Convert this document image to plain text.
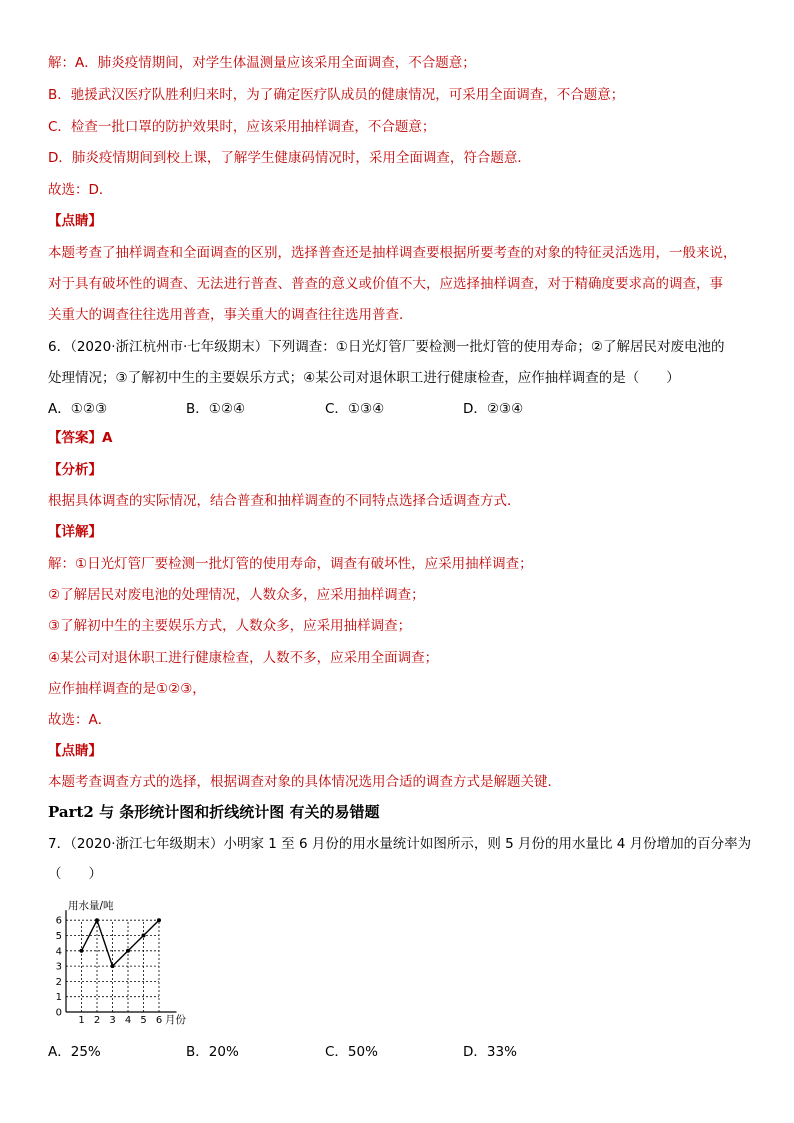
解：A．肺炎疫情期间，对学生体温测量应该采用全面调查，不合题意；
B．驰援武汉医疗队胜利归来时，为了确定医疗队成员的健康情况，可采用全面调查，不合题意；
C．检查一批口罩的防护效果时，应该采用抽样调查，不合题意；
D．肺炎疫情期间到校上课，了解学生健康码情况时，采用全面调查，符合题意．
故选：D．
【点睛】
本题考查了抽样调查和全面调查的区别，选择普查还是抽样调查要根据所要考查的对象的特征灵活选用，一般来说，
对于具有破坏性的调查、无法进行普查、普查的意义或价值不大，应选择抽样调查，对于精确度要求高的调查，事
关重大的调查往往选用普查，事关重大的调查往往选用普查．
6．（2020·浙江杭州市·七年级期末）下列调查：①日光灯管厂要检测一批灯管的使用寿命；②了解居民对废电池的
处理情况；③了解初中生的主要娱乐方式；④某公司对退休职工进行健康检查，应作抽样调查的是（　　）
A．①②③	B．①②④	C．①③④	D．②③④
【答案】A
【分析】
根据具体调查的实际情况，结合普查和抽样调查的不同特点选择合适调查方式．
【详解】
解：①日光灯管厂要检测一批灯管的使用寿命，调查有破坏性，应采用抽样调查；
②了解居民对废电池的处理情况，人数众多，应采用抽样调查；
③了解初中生的主要娱乐方式，人数众多，应采用抽样调查；
④某公司对退休职工进行健康检查，人数不多，应采用全面调查；
应作抽样调查的是①②③，
故选：A．
【点睛】
本题考查调查方式的选择，根据调查对象的具体情况选用合适的调查方式是解题关键．
Part2 与 条形统计图和折线统计图 有关的易错题
7．（2020·浙江七年级期末）小明家 1 至 6 月份的用水量统计如图所示，则 5 月份的用水量比 4 月份增加的百分率为
（　　）
1 2 3 4 5 6
0
1
2
3
4
5
6
用水量/吨
月份
A．25%	B．20%	C．50%	D．33%
